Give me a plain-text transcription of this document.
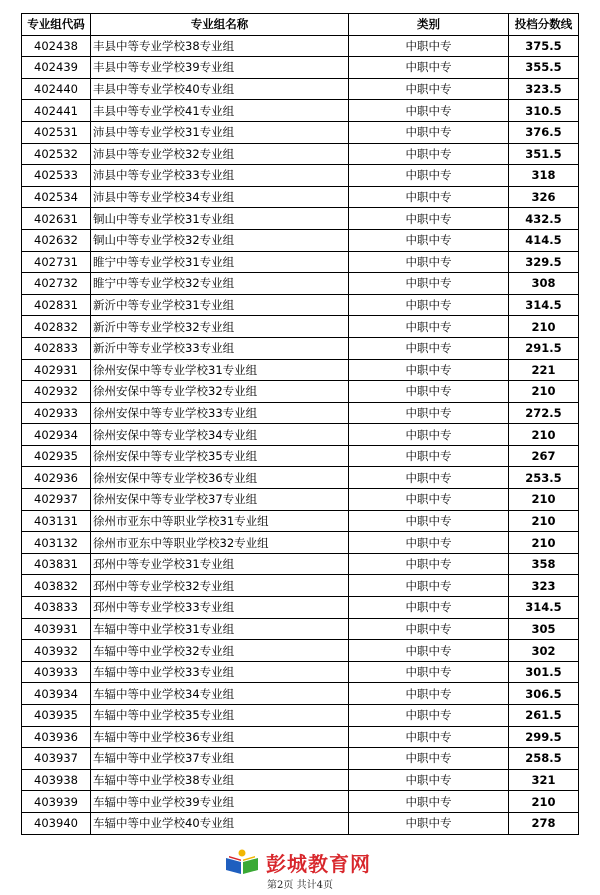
专业组代码	专业组名称	类别	投档分数线
402438	丰县中等专业学校38专业组	中职中专	375.5
402439	丰县中等专业学校39专业组	中职中专	355.5
402440	丰县中等专业学校40专业组	中职中专	323.5
402441	丰县中等专业学校41专业组	中职中专	310.5
402531	沛县中等专业学校31专业组	中职中专	376.5
402532	沛县中等专业学校32专业组	中职中专	351.5
402533	沛县中等专业学校33专业组	中职中专	318
402534	沛县中等专业学校34专业组	中职中专	326
402631	铜山中等专业学校31专业组	中职中专	432.5
402632	铜山中等专业学校32专业组	中职中专	414.5
402731	睢宁中等专业学校31专业组	中职中专	329.5
402732	睢宁中等专业学校32专业组	中职中专	308
402831	新沂中等专业学校31专业组	中职中专	314.5
402832	新沂中等专业学校32专业组	中职中专	210
402833	新沂中等专业学校33专业组	中职中专	291.5
402931	徐州安保中等专业学校31专业组	中职中专	221
402932	徐州安保中等专业学校32专业组	中职中专	210
402933	徐州安保中等专业学校33专业组	中职中专	272.5
402934	徐州安保中等专业学校34专业组	中职中专	210
402935	徐州安保中等专业学校35专业组	中职中专	267
402936	徐州安保中等专业学校36专业组	中职中专	253.5
402937	徐州安保中等专业学校37专业组	中职中专	210
403131	徐州市亚东中等职业学校31专业组	中职中专	210
403132	徐州市亚东中等职业学校32专业组	中职中专	210
403831	邳州中等专业学校31专业组	中职中专	358
403832	邳州中等专业学校32专业组	中职中专	323
403833	邳州中等专业学校33专业组	中职中专	314.5
403931	车辐中等中业学校31专业组	中职中专	305
403932	车辐中等中业学校32专业组	中职中专	302
403933	车辐中等中业学校33专业组	中职中专	301.5
403934	车辐中等中业学校34专业组	中职中专	306.5
403935	车辐中等中业学校35专业组	中职中专	261.5
403936	车辐中等中业学校36专业组	中职中专	299.5
403937	车辐中等中业学校37专业组	中职中专	258.5
403938	车辐中等中业学校38专业组	中职中专	321
403939	车辐中等中业学校39专业组	中职中专	210
403940	车辐中等中业学校40专业组	中职中专	278
彭城教育网
第2页 共计4页
